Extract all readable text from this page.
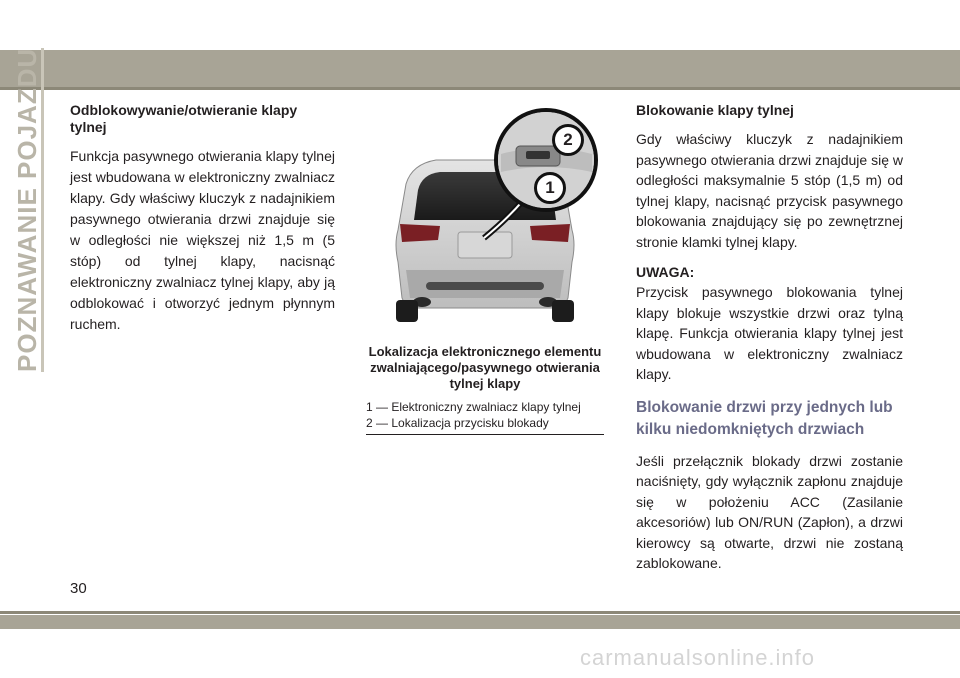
POZNAWANIE POJAZDU Odblokowywanie/otwieranie klapy tylnej

Funkcja pasywnego otwierania klapy tylnej jest wbudowana w elektroniczny zwalniacz klapy. Gdy właściwy kluczyk z nadajnikiem pasywnego otwierania drzwi znajduje się w odległości nie większej niż 1,5 m (5 stóp) od tylnej klapy, nacisnąć elektroniczny zwalniacz tylnej klapy, aby ją odblokować i otworzyć jednym płynnym ruchem.

2
1
Lokalizacja elektronicznego elementu zwalniającego/pasywnego otwierania tylnej klapy
1 — Elektroniczny zwalniacz klapy tylnej
2 — Lokalizacja przycisku blokady
Blokowanie klapy tylnej

Gdy właściwy kluczyk z nadajnikiem pasywnego otwierania drzwi znajduje się w odległości maksymalnie 5 stóp (1,5 m) od tylnej klapy, nacisnąć przycisk pasywnego blokowania znajdujący się po zewnętrznej stronie klamki tylnej klapy.

UWAGA:

Przycisk pasywnego blokowania tylnej klapy blokuje wszystkie drzwi oraz tylną klapę. Funkcja otwierania klapy tylnej jest wbudowana w elektroniczny zwalniacz klapy.

Blokowanie drzwi przy jednych lub kilku niedomkniętych drzwiach

Jeśli przełącznik blokady drzwi zostanie naciśnięty, gdy wyłącznik zapłonu znajduje się w położeniu ACC (Zasilanie akcesoriów) lub ON/RUN (Zapłon), a drzwi kierowcy są otwarte, drzwi nie zostaną zablokowane.

30
carmanualsonline.info
